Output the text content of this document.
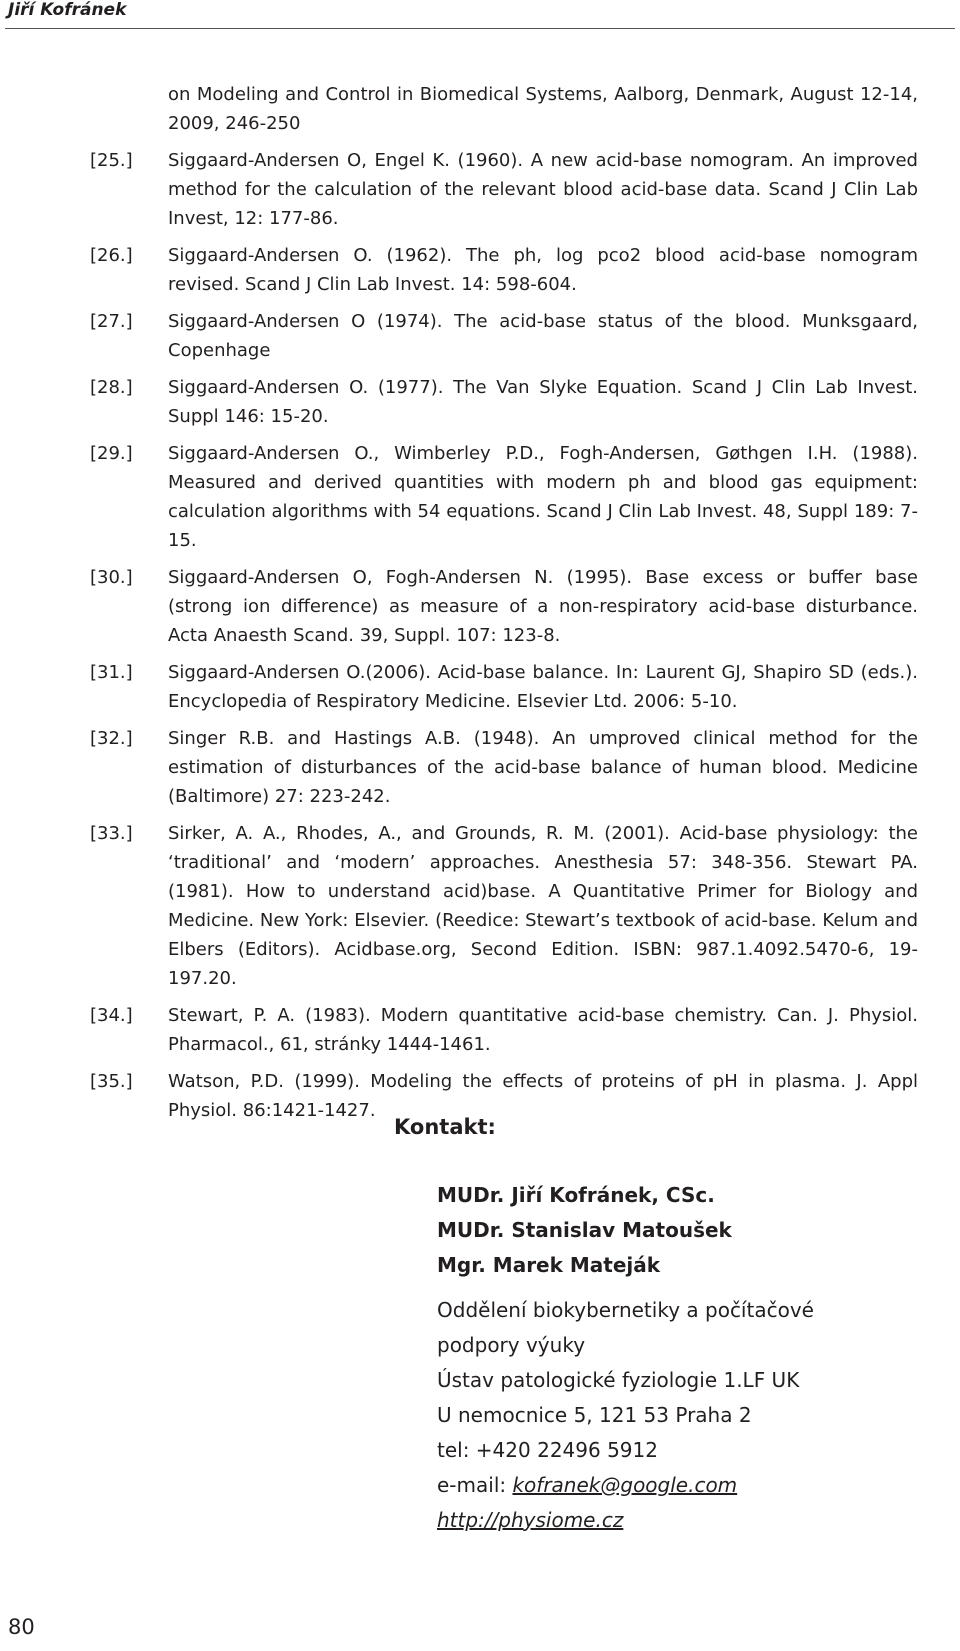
Jiří Kofránek
on Modeling and Control in Biomedical Systems, Aalborg, Denmark, August 12-14, 2009, 246-250
[25.] Siggaard-Andersen O, Engel K. (1960). A new acid-base nomogram. An improved method for the calculation of the relevant blood acid-base data. Scand J Clin Lab Invest, 12: 177-86.
[26.] Siggaard-Andersen O. (1962). The ph, log pco2 blood acid-base nomogram revised. Scand J Clin Lab Invest. 14: 598-604.
[27.] Siggaard-Andersen O (1974). The acid-base status of the blood. Munksgaard, Copenhage
[28.] Siggaard-Andersen O. (1977). The Van Slyke Equation. Scand J Clin Lab Invest. Suppl 146: 15-20.
[29.] Siggaard-Andersen O., Wimberley P.D., Fogh-Andersen, Gøthgen I.H. (1988). Measured and derived quantities with modern ph and blood gas equipment: calculation algorithms with 54 equations. Scand J Clin Lab Invest. 48, Suppl 189: 7-15.
[30.] Siggaard-Andersen O, Fogh-Andersen N. (1995). Base excess or buffer base (strong ion difference) as measure of a non-respiratory acid-base disturbance. Acta Anaesth Scand. 39, Suppl. 107: 123-8.
[31.] Siggaard-Andersen O.(2006). Acid-base balance. In: Laurent GJ, Shapiro SD (eds.). Encyclopedia of Respiratory Medicine. Elsevier Ltd. 2006: 5-10.
[32.] Singer R.B. and Hastings A.B. (1948). An umproved clinical method for the estimation of disturbances of the acid-base balance of human blood. Medicine (Baltimore) 27: 223-242.
[33.] Sirker, A. A., Rhodes, A., and Grounds, R. M. (2001). Acid-base physiology: the ‘traditional’ and ‘modern’ approaches. Anesthesia 57: 348-356. Stewart PA. (1981). How to understand acid)base. A Quantitative Primer for Biology and Medicine. New York: Elsevier. (Reedice: Stewart’s textbook of acid-base. Kelum and Elbers (Editors). Acidbase.org, Second Edition. ISBN: 987.1.4092.5470-6, 19-197.20.
[34.] Stewart, P. A. (1983). Modern quantitative acid-base chemistry. Can. J. Physiol. Pharmacol., 61, stránky 1444-1461.
[35.] Watson, P.D. (1999). Modeling the effects of proteins of pH in plasma. J. Appl Physiol. 86:1421-1427.
Kontakt:
MUDr. Jiří Kofránek, CSc.
MUDr. Stanislav Matoušek
Mgr. Marek Mateják
Oddělení biokybernetiky a počítačové
podpory výuky
Ústav patologické fyziologie 1.LF UK
U nemocnice 5, 121 53 Praha 2
tel: +420 22496 5912
e-mail: kofranek@google.com
http://physiome.cz
80
